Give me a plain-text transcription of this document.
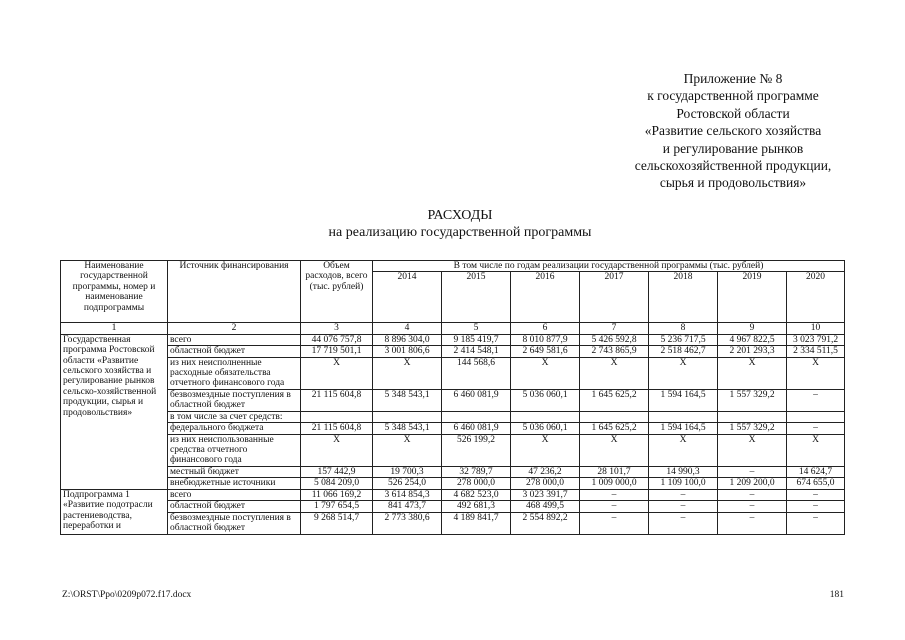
Приложение № 8
к государственной программе
Ростовской области
«Развитие сельского хозяйства
и регулирование рынков
сельскохозяйственной продукции,
сырья и продовольствия»
РАСХОДЫ
на реализацию государственной программы
Наименование государственной программы, номер и наименование подпрограммы	Источник финансирования	Объем расходов, всего (тыс. рублей)	В том числе по годам реализации государственной программы (тыс. рублей)						
			2014	2015	2016	2017	2018	2019	2020
1	2	3	4	5	6	7	8	9	10
Государственная программа Ростовской области «Развитие сельского хозяйства и регулирование рынков сельско-хозяйственной продукции, сырья и продовольствия»	всего	44 076 757,8	8 896 304,0	9 185 419,7	8 010 877,9	5 426 592,8	5 236 717,5	4 967 822,5	3 023 791,2
	областной бюджет	17 719 501,1	3 001 806,6	2 414 548,1	2 649 581,6	2 743 865,9	2 518 462,7	2 201 293,3	2 334 511,5
	из них неисполненные расходные обязательства отчетного финансового года	X	X	144 568,6	X	X	X	X	X
	безвозмездные поступления в областной бюджет	21 115 604,8	5 348 543,1	6 460 081,9	5 036 060,1	1 645 625,2	1 594 164,5	1 557 329,2	–
	в том числе за счет средств:								
	федерального бюджета	21 115 604,8	5 348 543,1	6 460 081,9	5 036 060,1	1 645 625,2	1 594 164,5	1 557 329,2	–
	из них неиспользованные средства отчетного финансового года	X	X	526 199,2	X	X	X	X	X
	местный бюджет	157 442,9	19 700,3	32 789,7	47 236,2	28 101,7	14 990,3	–	14 624,7
	внебюджетные источники	5 084 209,0	526 254,0	278 000,0	278 000,0	1 009 000,0	1 109 100,0	1 209 200,0	674 655,0
Подпрограмма 1 «Развитие подотрасли растениеводства, переработки и	всего	11 066 169,2	3 614 854,3	4 682 523,0	3 023 391,7	–	–	–	–
	областной бюджет	1 797 654,5	841 473,7	492 681,3	468 499,5	–	–	–	–
	безвозмездные поступления в областной бюджет	9 268 514,7	2 773 380,6	4 189 841,7	2 554 892,2	–	–	–	–
Z:\ORST\Ppo\0209p072.f17.docx	181
